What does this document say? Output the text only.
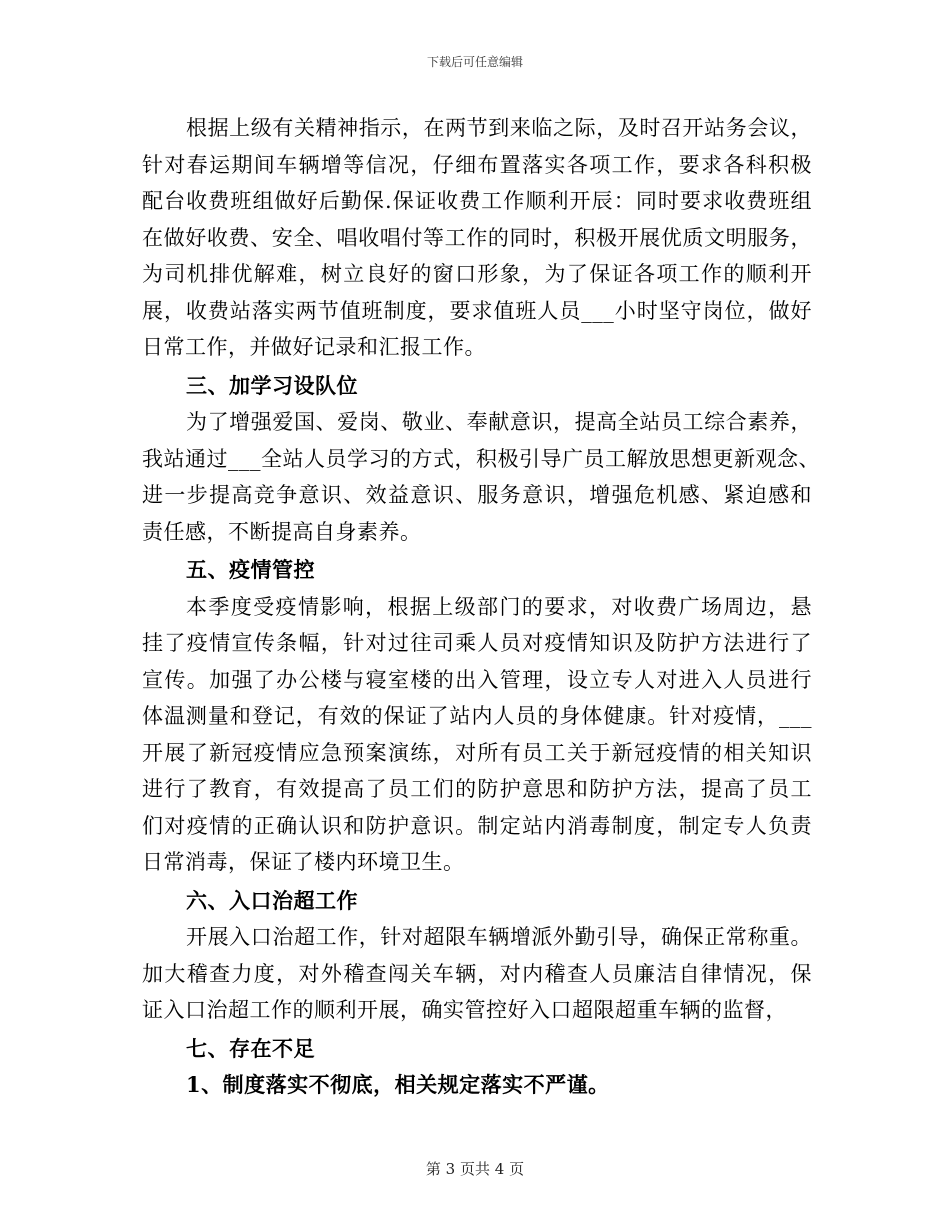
下载后可任意编辑
根据上级有关精神指示，在两节到来临之际，及时召开站务会议，
针对春运期间车辆增等信况，仔细布置落实各项工作，要求各科积极
配台收费班组做好后勤保.保证收费工作顺利开辰：同时要求收费班组
在做好收费、安全、唱收唱付等工作的同时，积极开展优质文明服务，
为司机排优解难，树立良好的窗口形象，为了保证各项工作的顺利开
展，收费站落实两节值班制度，要求值班人员___小时坚守岗位，做好
日常工作，并做好记录和汇报工作。
三、加学习设队位
为了增强爱国、爱岗、敬业、奉献意识，提高全站员工综合素养，
我站通过___全站人员学习的方式，积极引导广员工解放思想更新观念、
进一步提高竞争意识、效益意识、服务意识，增强危机感、紧迫感和
责任感，不断提高自身素养。
五、疫情管控
本季度受疫情影响，根据上级部门的要求，对收费广场周边，悬
挂了疫情宣传条幅，针对过往司乘人员对疫情知识及防护方法进行了
宣传。加强了办公楼与寝室楼的出入管理，设立专人对进入人员进行
体温测量和登记，有效的保证了站内人员的身体健康。针对疫情，___
开展了新冠疫情应急预案演练，对所有员工关于新冠疫情的相关知识
进行了教育，有效提高了员工们的防护意思和防护方法，提高了员工
们对疫情的正确认识和防护意识。制定站内消毒制度，制定专人负责
日常消毒，保证了楼内环境卫生。
六、入口治超工作
开展入口治超工作，针对超限车辆增派外勤引导，确保正常称重。
加大稽查力度，对外稽查闯关车辆，对内稽查人员廉洁自律情况，保
证入口治超工作的顺利开展，确实管控好入口超限超重车辆的监督，
七、存在不足
1、制度落实不彻底，相关规定落实不严谨。
第 3 页共 4 页
